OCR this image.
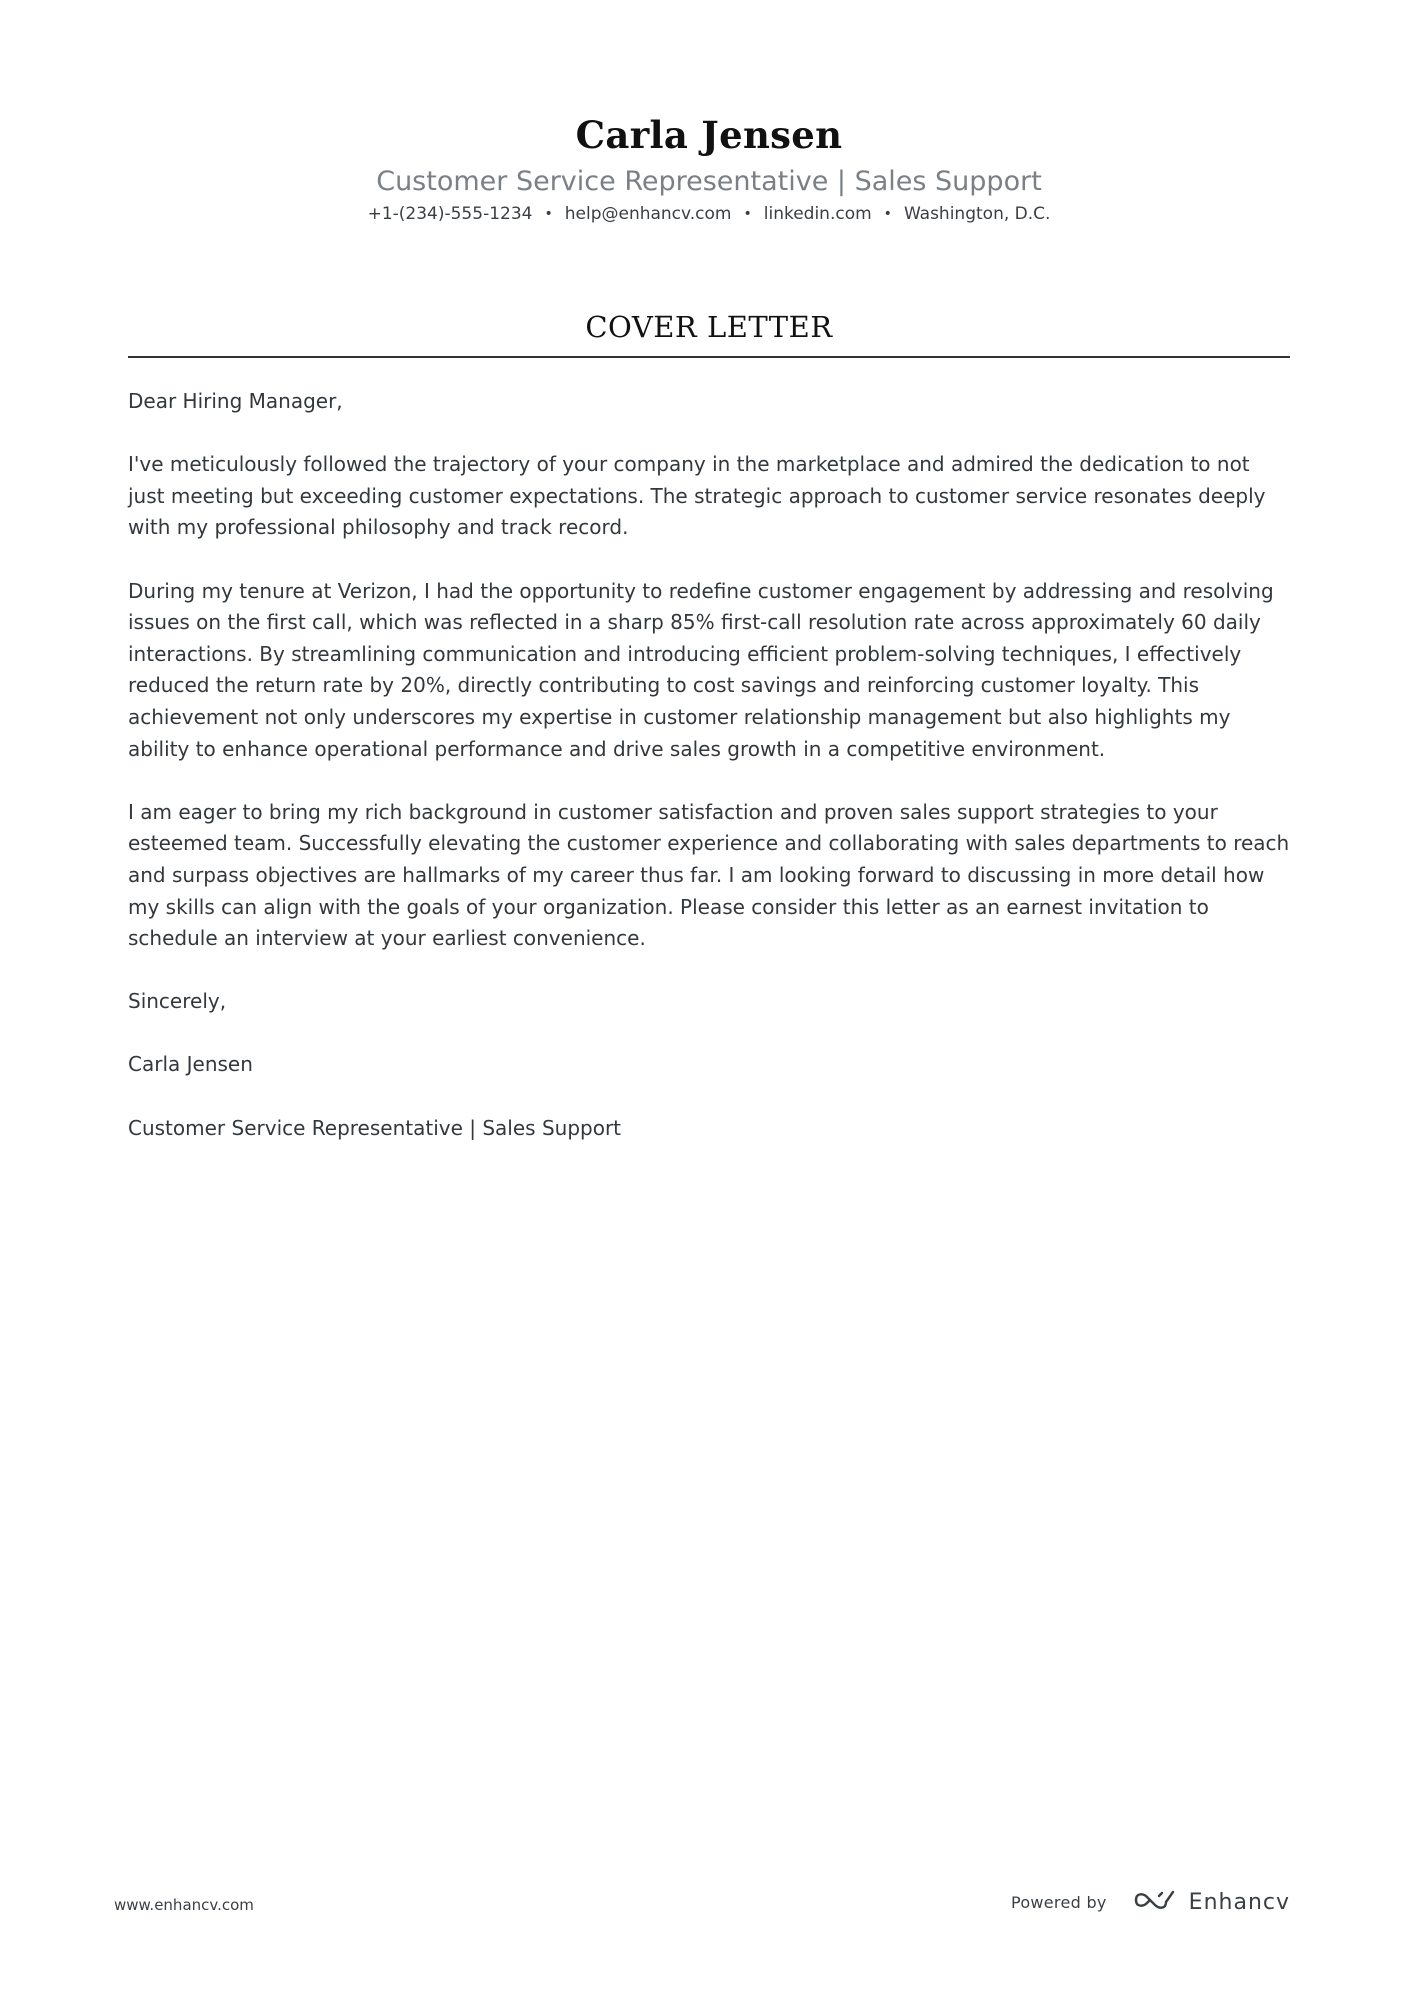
Carla Jensen
Customer Service Representative | Sales Support
+1-(234)-555-1234 • help@enhancv.com • linkedin.com • Washington, D.C.
COVER LETTER

Dear Hiring Manager,

I've meticulously followed the trajectory of your company in the marketplace and admired the dedication to not just meeting but exceeding customer expectations. The strategic approach to customer service resonates deeply with my professional philosophy and track record.

During my tenure at Verizon, I had the opportunity to redefine customer engagement by addressing and resolving issues on the first call, which was reflected in a sharp 85% first-call resolution rate across approximately 60 daily interactions. By streamlining communication and introducing efficient problem-solving techniques, I effectively reduced the return rate by 20%, directly contributing to cost savings and reinforcing customer loyalty. This achievement not only underscores my expertise in customer relationship management but also highlights my ability to enhance operational performance and drive sales growth in a competitive environment.

I am eager to bring my rich background in customer satisfaction and proven sales support strategies to your esteemed team. Successfully elevating the customer experience and collaborating with sales departments to reach and surpass objectives are hallmarks of my career thus far. I am looking forward to discussing in more detail how my skills can align with the goals of your organization. Please consider this letter as an earnest invitation to schedule an interview at your earliest convenience.

Sincerely,

Carla Jensen

Customer Service Representative | Sales Support

www.enhancv.com	Powered by	Enhancv
